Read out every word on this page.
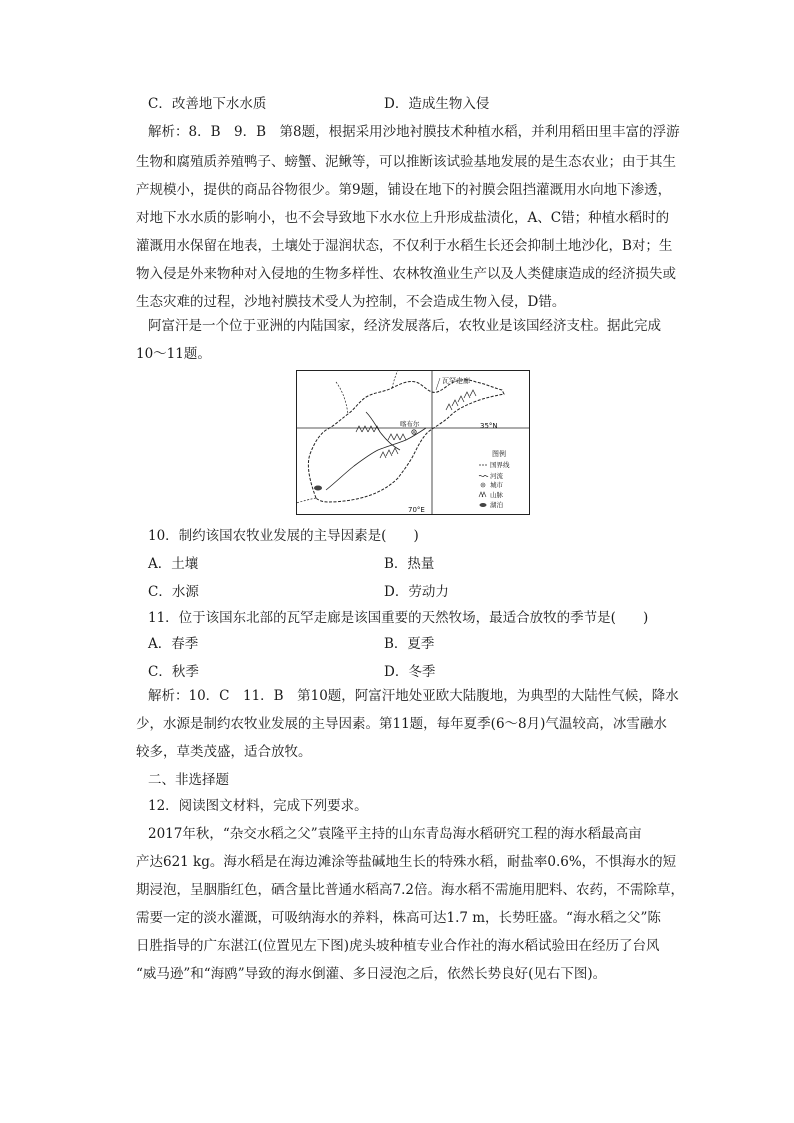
C．改善地下水水质	D．造成生物入侵
解析：8．B　9．B　第8题，根据采用沙地衬膜技术种植水稻，并利用稻田里丰富的浮游
生物和腐殖质养殖鸭子、螃蟹、泥鳅等，可以推断该试验基地发展的是生态农业；由于其生
产规模小，提供的商品谷物很少。第9题，铺设在地下的衬膜会阻挡灌溉用水向地下渗透，
对地下水水质的影响小，也不会导致地下水水位上升形成盐渍化，A、C错；种植水稻时的
灌溉用水保留在地表，土壤处于湿润状态，不仅利于水稻生长还会抑制土地沙化，B对；生
物入侵是外来物种对入侵地的生物多样性、农林牧渔业生产以及人类健康造成的经济损失或
生态灾难的过程，沙地衬膜技术受人为控制，不会造成生物入侵，D错。
阿富汗是一个位于亚洲的内陆国家，经济发展落后，农牧业是该国经济支柱。据此完成
10～11题。
瓦罕走廊
35°N
70°E
喀布尔
图例
国界线
河流
城市
山脉
湖泊
10．制约该国农牧业发展的主导因素是(　　)
A．土壤	B．热量
C．水源	D．劳动力
11．位于该国东北部的瓦罕走廊是该国重要的天然牧场，最适合放牧的季节是(　　)
A．春季	B．夏季
C．秋季	D．冬季
解析：10．C　11．B　第10题，阿富汗地处亚欧大陆腹地，为典型的大陆性气候，降水
少，水源是制约农牧业发展的主导因素。第11题，每年夏季(6～8月)气温较高，冰雪融水
较多，草类茂盛，适合放牧。
二、非选择题
12．阅读图文材料，完成下列要求。
2017年秋，“杂交水稻之父”袁隆平主持的山东青岛海水稻研究工程的海水稻最高亩
产达621 kg。海水稻是在海边滩涂等盐碱地生长的特殊水稻，耐盐率0.6%，不惧海水的短
期浸泡，呈胭脂红色，硒含量比普通水稻高7.2倍。海水稻不需施用肥料、农药，不需除草，
需要一定的淡水灌溉，可吸纳海水的养料，株高可达1.7 m，长势旺盛。“海水稻之父”陈
日胜指导的广东湛江(位置见左下图)虎头坡种植专业合作社的海水稻试验田在经历了台风
“威马逊”和“海鸥”导致的海水倒灌、多日浸泡之后，依然长势良好(见右下图)。
